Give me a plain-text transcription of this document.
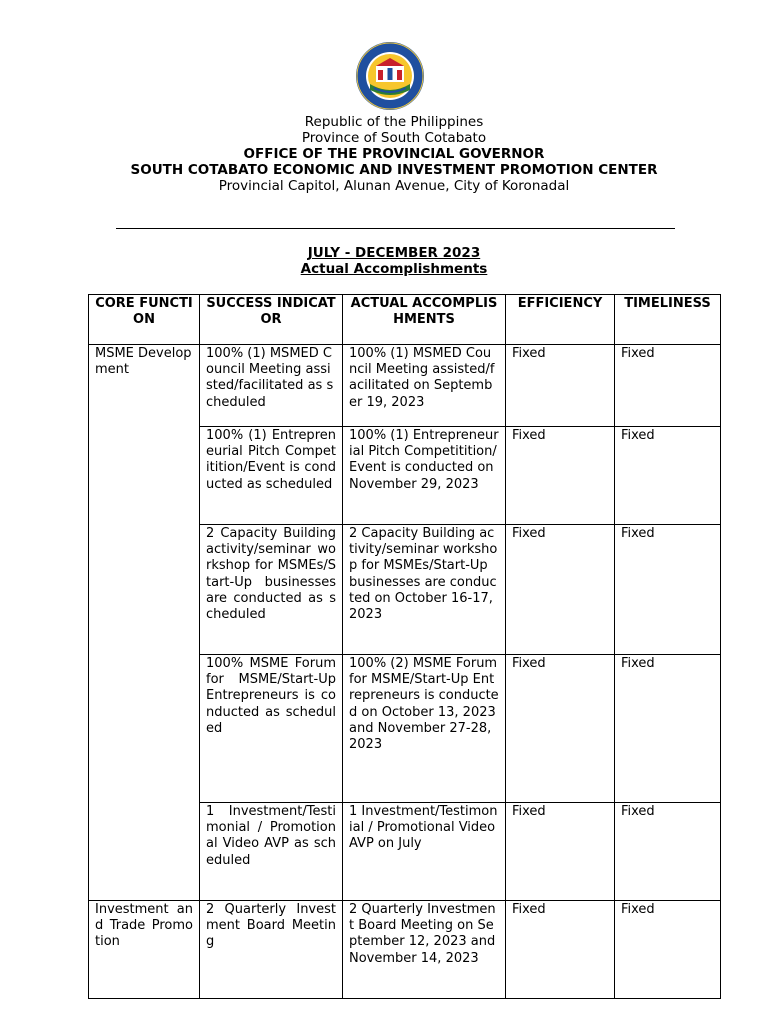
Republic of the Philippines
Province of South Cotabato
OFFICE OF THE PROVINCIAL GOVERNOR
SOUTH COTABATO ECONOMIC AND INVESTMENT PROMOTION CENTER
Provincial Capitol, Alunan Avenue, City of Koronadal
JULY - DECEMBER 2023
Actual Accomplishments
CORE FUNCTION	SUCCESS INDICATOR	ACTUAL ACCOMPLISHMENTS	EFFICIENCY	TIMELINESS
MSME Development	100% (1) MSMED Council Meeting assisted/facilitated as scheduled	100% (1) MSMED Council Meeting assisted/facilitated on September 19, 2023	Fixed	Fixed
	100% (1) Entrepreneurial Pitch Competitition/Event is conducted as scheduled	100% (1) Entrepreneurial Pitch Competitition/Event is conducted on November 29, 2023	Fixed	Fixed
	2 Capacity Building activity/seminar workshop for MSMEs/Start-Up businesses are conducted as scheduled	2 Capacity Building activity/seminar workshop for MSMEs/Start-Up businesses are conducted on October 16-17, 2023	Fixed	Fixed
	100% MSME Forum for MSME/Start-Up Entrepreneurs is conducted as scheduled	100% (2) MSME Forum for MSME/Start-Up Entrepreneurs is conducted on October 13, 2023 and November 27-28, 2023	Fixed	Fixed
	1 Investment/Testimonial / Promotional Video AVP as scheduled	1 Investment/Testimonial / Promotional Video AVP on July	Fixed	Fixed
Investment and Trade Promotion	2 Quarterly Investment Board Meeting	2 Quarterly Investment Board Meeting on September 12, 2023 and November 14, 2023	Fixed	Fixed
